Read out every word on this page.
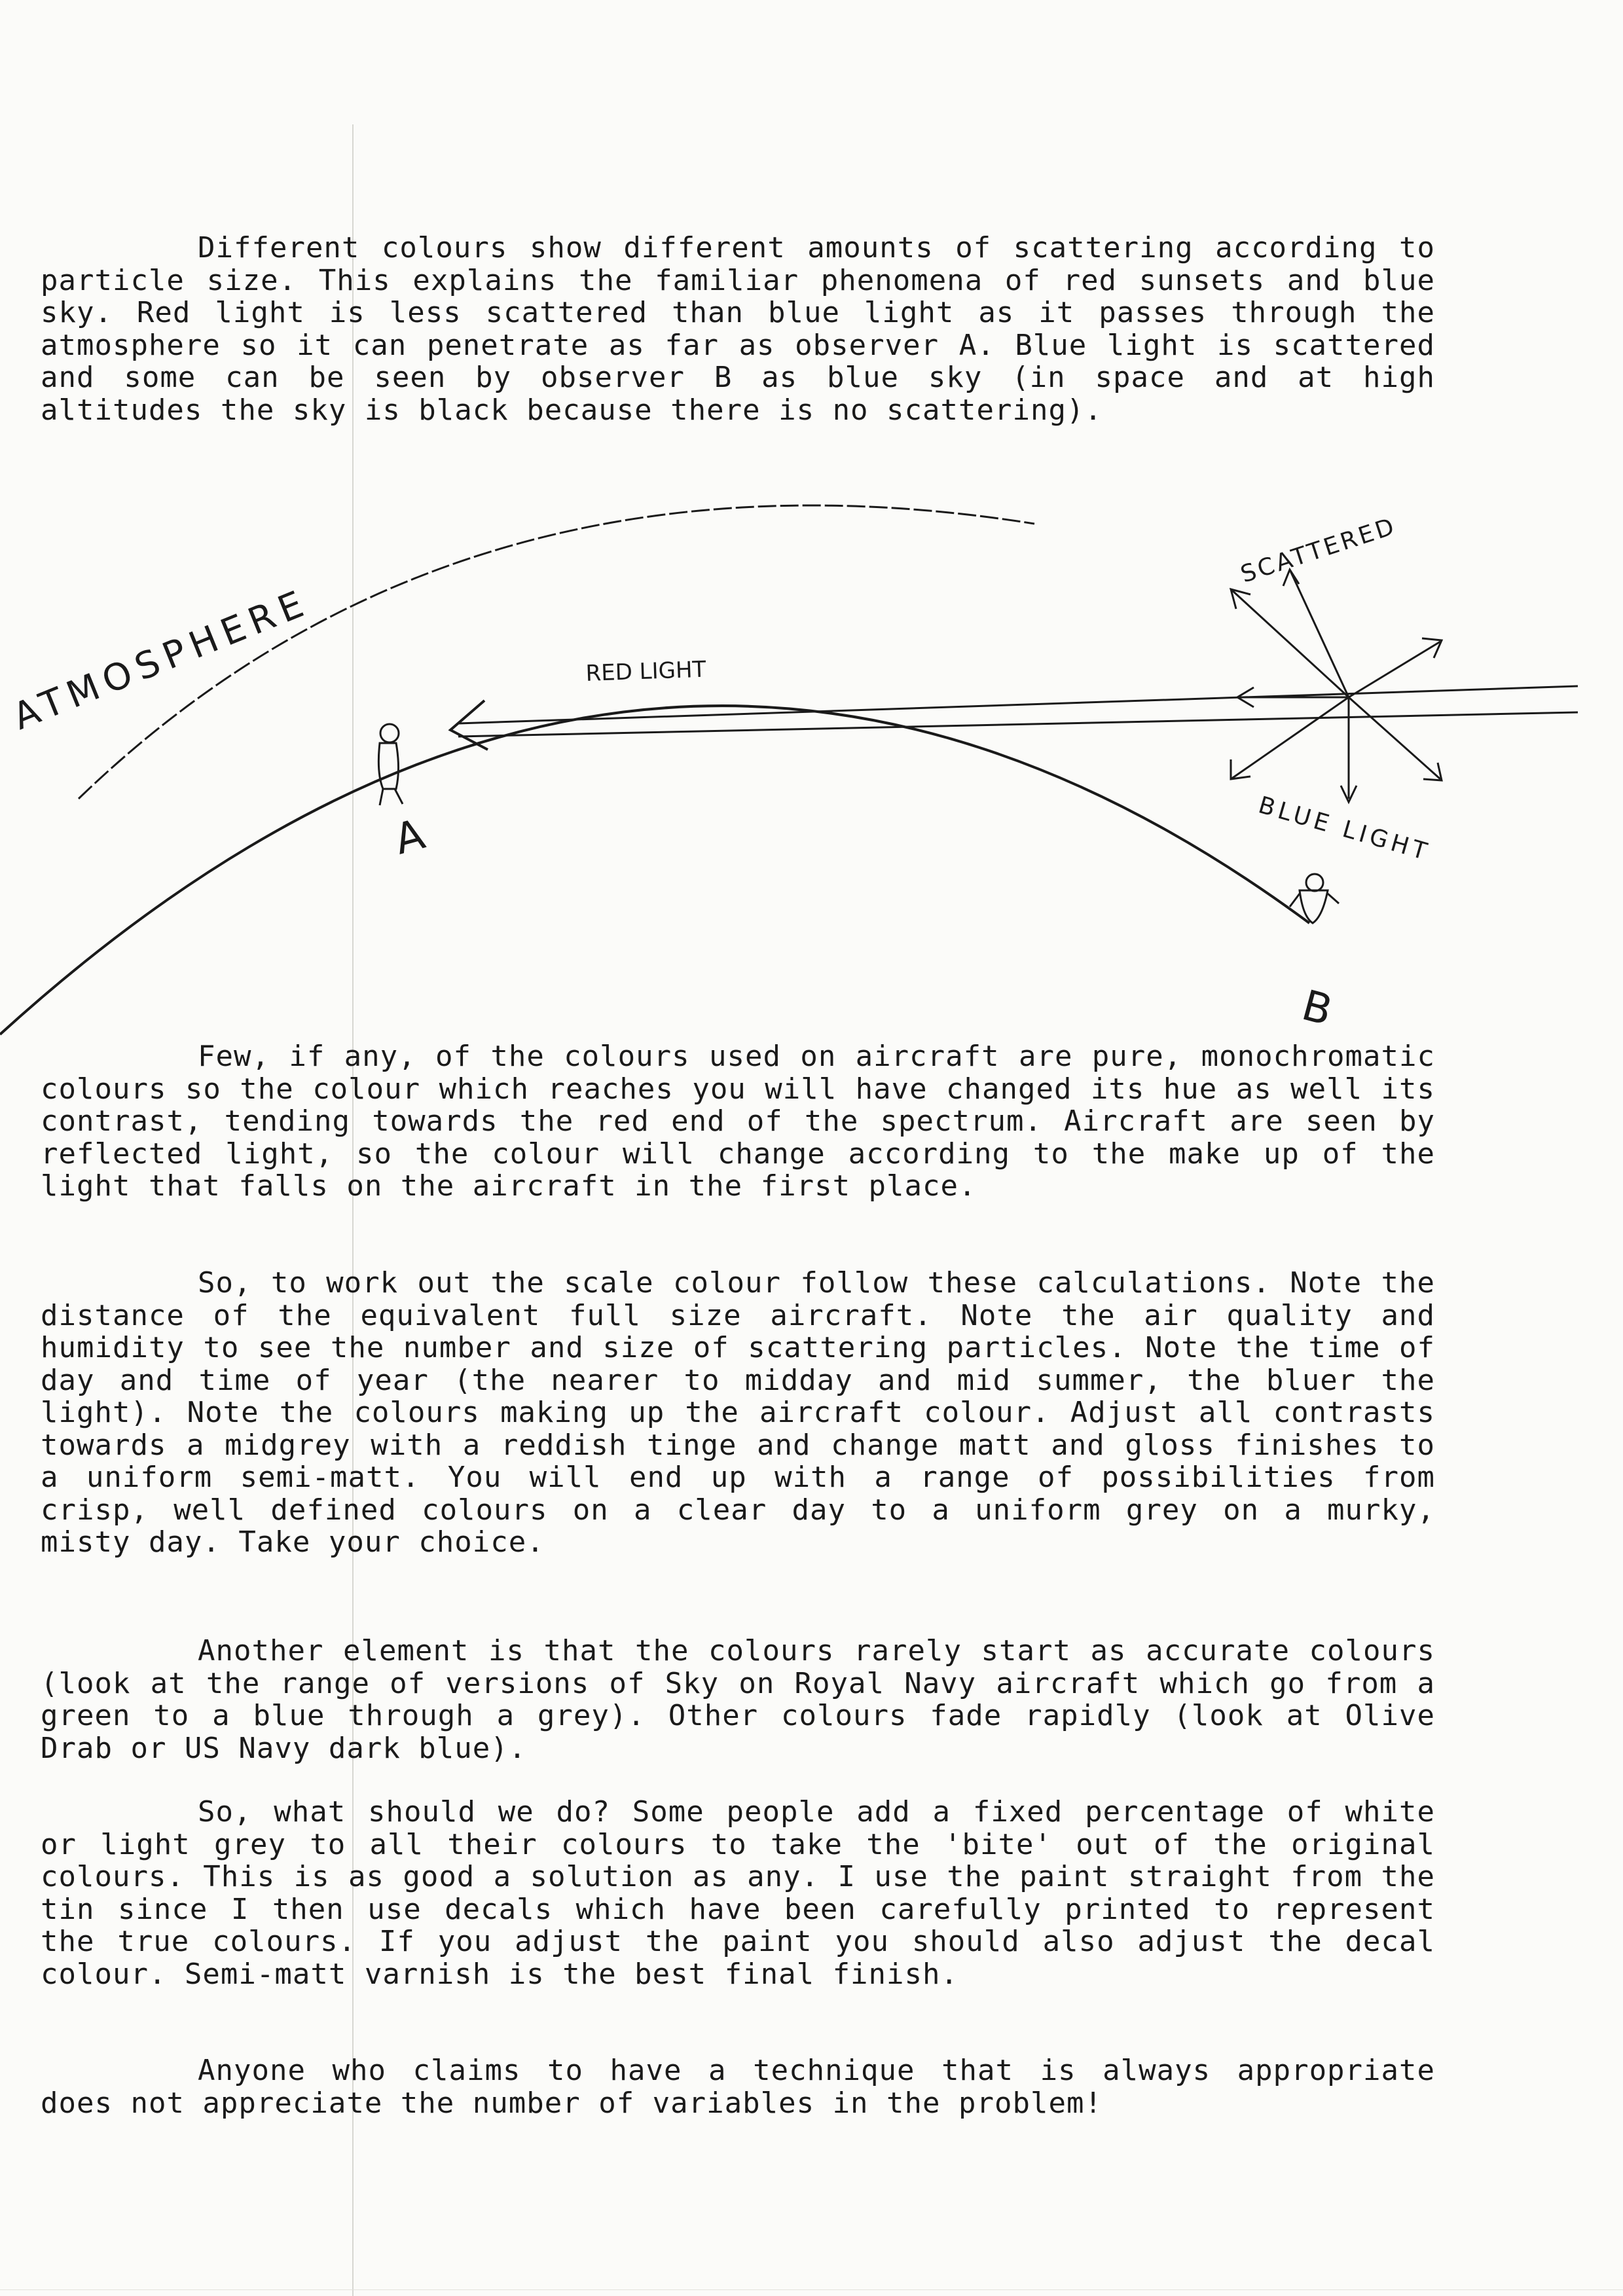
Different colours show different amounts of scattering according to particle size. This explains the familiar phenomena of red sunsets and blue sky. Red light is less scattered than blue light as it passes through the atmosphere so it can penetrate as far as observer A. Blue light is scattered and some can be seen by observer B as blue sky (in space and at high altitudes the sky is black because there is no scattering).
ATMOSPHERE	RED LIGHT
SCATTERED
BLUE LIGHT
A
B
Few, if any, of the colours used on aircraft are pure, monochromatic colours so the colour which reaches you will have changed its hue as well its contrast, tending towards the red end of the spectrum. Aircraft are seen by reflected light, so the colour will change according to the make up of the light that falls on the aircraft in the first place.
So, to work out the scale colour follow these calculations. Note the distance of the equivalent full size aircraft. Note the air quality and humidity to see the number and size of scattering particles. Note the time of day and time of year (the nearer to midday and mid summer, the bluer the light). Note the colours making up the aircraft colour. Adjust all contrasts towards a midgrey with a reddish tinge and change matt and gloss finishes to a uniform semi-matt. You will end up with a range of possibilities from crisp, well defined colours on a clear day to a uniform grey on a murky, misty day. Take your choice.
Another element is that the colours rarely start as accurate colours (look at the range of versions of Sky on Royal Navy aircraft which go from a green to a blue through a grey). Other colours fade rapidly (look at Olive Drab or US Navy dark blue).
So, what should we do? Some people add a fixed percentage of white or light grey to all their colours to take the 'bite' out of the original colours. This is as good a solution as any. I use the paint straight from the tin since I then use decals which have been carefully printed to represent the true colours. If you adjust the paint you should also adjust the decal colour. Semi-matt varnish is the best final finish.
Anyone who claims to have a technique that is always appropriate does not appreciate the number of variables in the problem!
